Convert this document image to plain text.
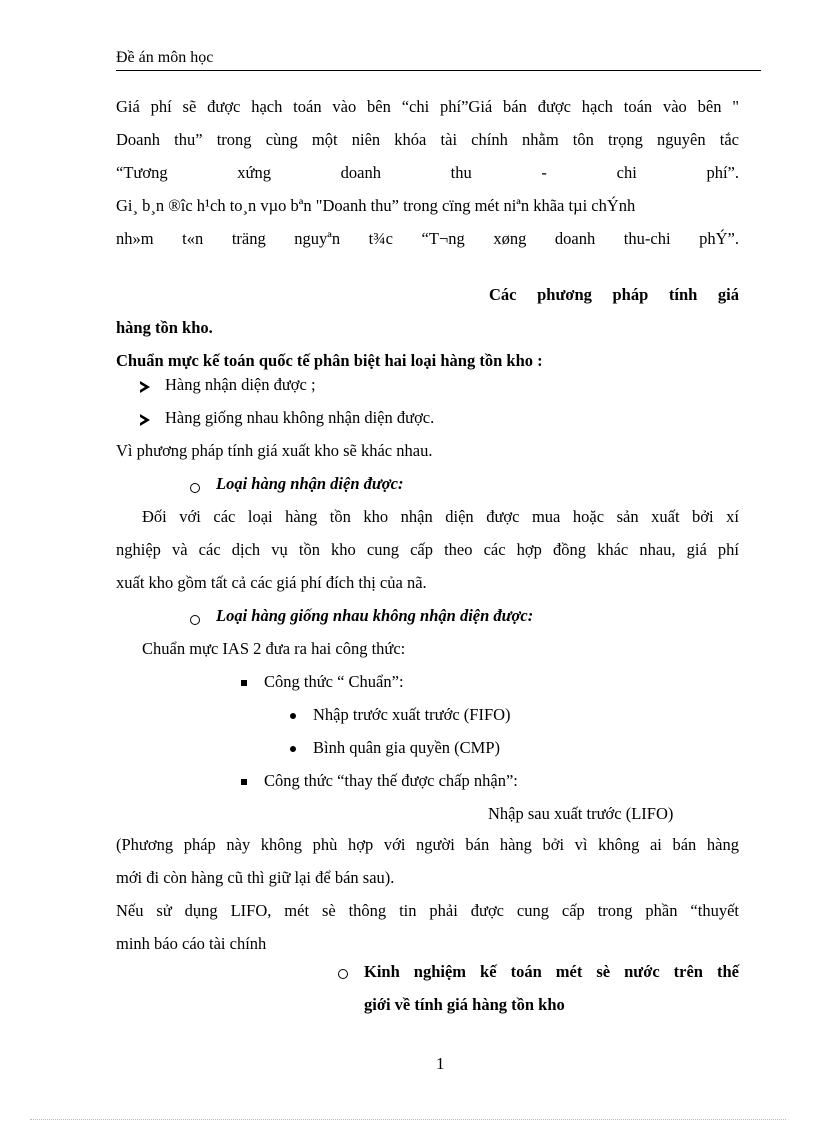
Đề án môn học
Giá phí sẽ được hạch toán vào bên “chi phí”Giá bán được hạch toán vào bên "
Doanh thu” trong cùng một niên khóa tài chính nhằm tôn trọng nguyên tắc
“Tương xứng doanh thu - chi phí”.
Gi¸ b¸n ®îc h¹ch to¸n vµo bªn "Doanh thu” trong cïng mét niªn khãa tµi chÝnh
nh»m t«n träng nguyªn t¾c “T¬ng xøng doanh thu-chi phÝ”.
Các phương pháp tính giá
hàng tồn kho.
Chuẩn mực kế toán quốc tế phân biệt hai loại hàng tồn kho :
Hàng nhận diện được ;
Hàng giống nhau không nhận diện được.
Vì phương pháp tính giá xuất kho sẽ khác nhau.
Loại hàng nhận diện được:
Đối với các loại hàng tồn kho nhận diện được mua hoặc sản xuất bởi xí
nghiệp và các dịch vụ tồn kho cung cấp theo các hợp đồng khác nhau, giá phí
xuất kho gồm tất cả các giá phí đích thị của nã.
Loại hàng giống nhau không nhận diện được:
Chuẩn mực IAS 2 đưa ra hai công thức:
Công thức “ Chuẩn”:
Nhập trước xuất trước (FIFO)
Bình quân gia quyền (CMP)
Công thức “thay thế được chấp nhận”:
Nhập sau xuất trước (LIFO)
(Phương pháp này không phù hợp với người bán hàng bởi vì không ai bán hàng
mới đi còn hàng cũ thì giữ lại để bán sau).
Nếu sử dụng LIFO, mét sè thông tin phải được cung cấp trong phần “thuyết
minh báo cáo tài chính
Kinh nghiệm kế toán mét sè nước trên thế
giới về tính giá hàng tồn kho
1
